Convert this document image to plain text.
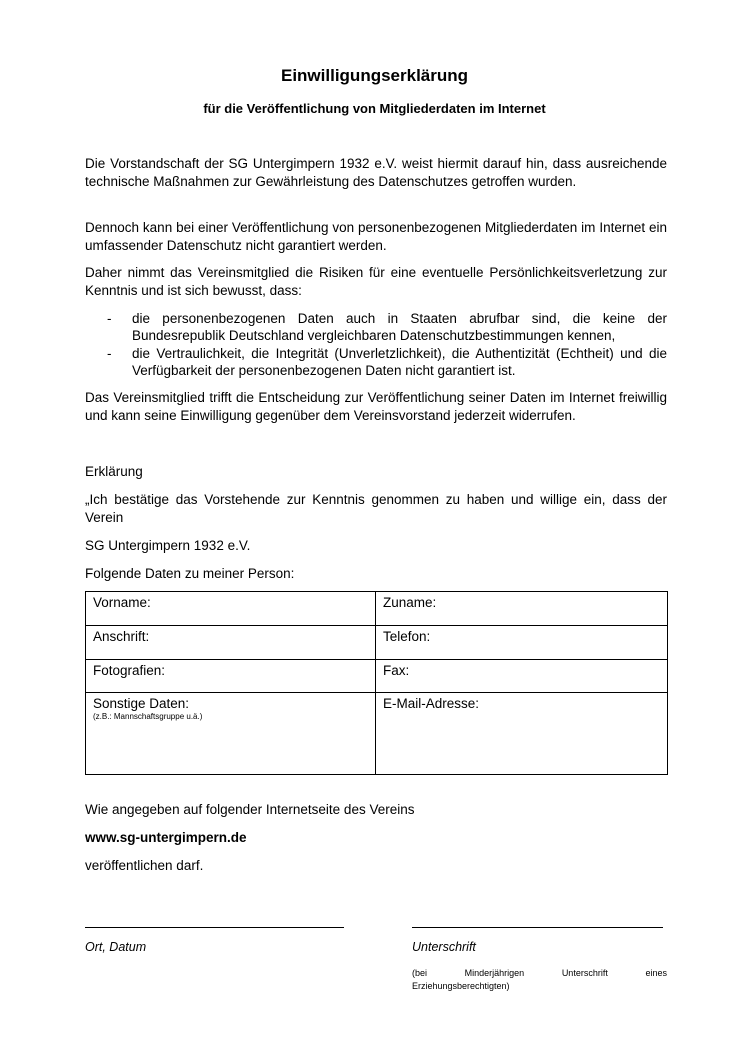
Einwilligungserklärung
für die Veröffentlichung von Mitgliederdaten im Internet
Die Vorstandschaft der SG Untergimpern 1932 e.V. weist hiermit darauf hin, dass ausreichende technische Maßnahmen zur Gewährleistung des Datenschutzes getroffen wurden.
Dennoch kann bei einer Veröffentlichung von personenbezogenen Mitgliederdaten im Internet ein umfassender Datenschutz nicht garantiert werden.
Daher nimmt das Vereinsmitglied die Risiken für eine eventuelle Persönlichkeitsverletzung zur Kenntnis und ist sich bewusst, dass:
- die personenbezogenen Daten auch in Staaten abrufbar sind, die keine der Bundesrepublik Deutschland vergleichbaren Datenschutzbestimmungen kennen,
- die Vertraulichkeit, die Integrität (Unverletzlichkeit), die Authentizität (Echtheit) und die Verfügbarkeit der personenbezogenen Daten nicht garantiert ist.
Das Vereinsmitglied trifft die Entscheidung zur Veröffentlichung seiner Daten im Internet freiwillig und kann seine Einwilligung gegenüber dem Vereinsvorstand jederzeit widerrufen.
Erklärung
„Ich bestätige das Vorstehende zur Kenntnis genommen zu haben und willige ein, dass der Verein
SG Untergimpern 1932 e.V.
Folgende Daten zu meiner Person:
Vorname:	Zuname:
Anschrift:	Telefon:
Fotografien:	Fax:
Sonstige Daten:
(z.B.: Mannschaftsgruppe u.ä.)	E-Mail-Adresse:
Wie angegeben auf folgender Internetseite des Vereins
www.sg-untergimpern.de
veröffentlichen darf.
Ort, Datum	Unterschrift
(bei	Minderjährigen	Unterschrift	eines
Erziehungsberechtigten)
